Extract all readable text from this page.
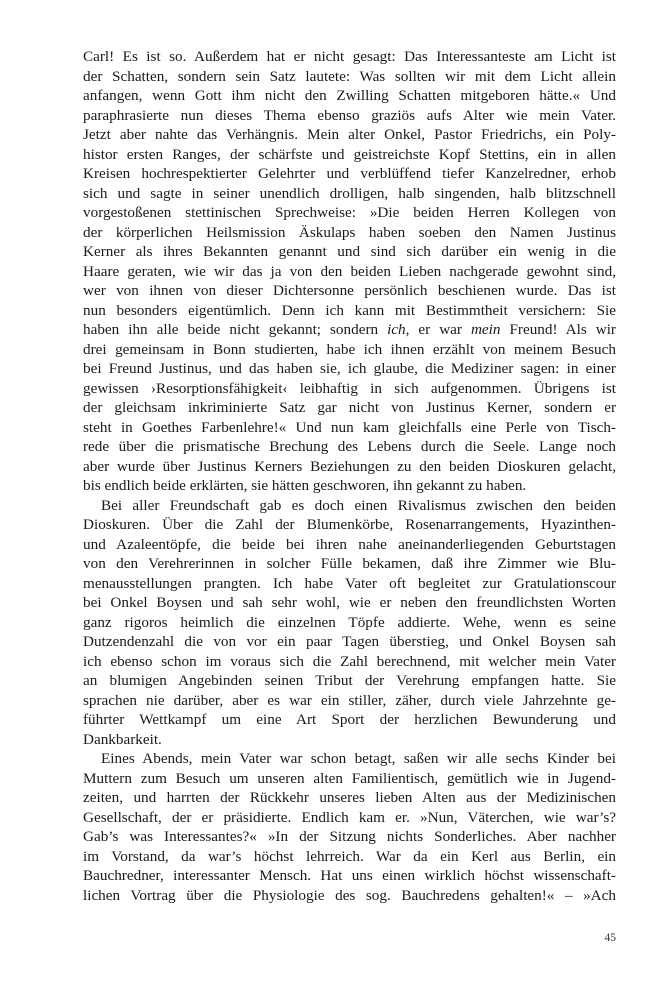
Carl! Es ist so. Außerdem hat er nicht gesagt: Das Interessanteste am Licht ist
der Schatten, sondern sein Satz lautete: Was sollten wir mit dem Licht allein
anfangen, wenn Gott ihm nicht den Zwilling Schatten mitgeboren hätte.« Und
paraphrasierte nun dieses Thema ebenso graziös aufs Alter wie mein Vater.
Jetzt aber nahte das Verhängnis. Mein alter Onkel, Pastor Friedrichs, ein Poly-
histor ersten Ranges, der schärfste und geistreichste Kopf Stettins, ein in allen
Kreisen hochrespektierter Gelehrter und verblüffend tiefer Kanzelredner, erhob
sich und sagte in seiner unendlich drolligen, halb singenden, halb blitzschnell
vorgestoßenen stettinischen Sprechweise: »Die beiden Herren Kollegen von
der körperlichen Heilsmission Äskulaps haben soeben den Namen Justinus
Kerner als ihres Bekannten genannt und sind sich darüber ein wenig in die
Haare geraten, wie wir das ja von den beiden Lieben nachgerade gewohnt sind,
wer von ihnen von dieser Dichtersonne persönlich beschienen wurde. Das ist
nun besonders eigentümlich. Denn ich kann mit Bestimmtheit versichern: Sie
haben ihn alle beide nicht gekannt; sondern ich, er war mein Freund! Als wir
drei gemeinsam in Bonn studierten, habe ich ihnen erzählt von meinem Besuch
bei Freund Justinus, und das haben sie, ich glaube, die Mediziner sagen: in einer
gewissen ›Resorptionsfähigkeit‹ leibhaftig in sich aufgenommen. Übrigens ist
der gleichsam inkriminierte Satz gar nicht von Justinus Kerner, sondern er
steht in Goethes Farbenlehre!« Und nun kam gleichfalls eine Perle von Tisch-
rede über die prismatische Brechung des Lebens durch die Seele. Lange noch
aber wurde über Justinus Kerners Beziehungen zu den beiden Dioskuren gelacht,
bis endlich beide erklärten, sie hätten geschworen, ihn gekannt zu haben.
Bei aller Freundschaft gab es doch einen Rivalismus zwischen den beiden
Dioskuren. Über die Zahl der Blumenkörbe, Rosenarrangements, Hyazinthen-
und Azaleentöpfe, die beide bei ihren nahe aneinanderliegenden Geburtstagen
von den Verehrerinnen in solcher Fülle bekamen, daß ihre Zimmer wie Blu-
menausstellungen prangten. Ich habe Vater oft begleitet zur Gratulationscour
bei Onkel Boysen und sah sehr wohl, wie er neben den freundlichsten Worten
ganz rigoros heimlich die einzelnen Töpfe addierte. Wehe, wenn es seine
Dutzendenzahl die von vor ein paar Tagen überstieg, und Onkel Boysen sah
ich ebenso schon im voraus sich die Zahl berechnend, mit welcher mein Vater
an blumigen Angebinden seinen Tribut der Verehrung empfangen hatte. Sie
sprachen nie darüber, aber es war ein stiller, zäher, durch viele Jahrzehnte ge-
führter Wettkampf um eine Art Sport der herzlichen Bewunderung und
Dankbarkeit.
Eines Abends, mein Vater war schon betagt, saßen wir alle sechs Kinder bei
Muttern zum Besuch um unseren alten Familientisch, gemütlich wie in Jugend-
zeiten, und harrten der Rückkehr unseres lieben Alten aus der Medizinischen
Gesellschaft, der er präsidierte. Endlich kam er. »Nun, Väterchen, wie war’s?
Gab’s was Interessantes?« »In der Sitzung nichts Sonderliches. Aber nachher
im Vorstand, da war’s höchst lehrreich. War da ein Kerl aus Berlin, ein
Bauchredner, interessanter Mensch. Hat uns einen wirklich höchst wissenschaft-
lichen Vortrag über die Physiologie des sog. Bauchredens gehalten!« – »Ach
45
